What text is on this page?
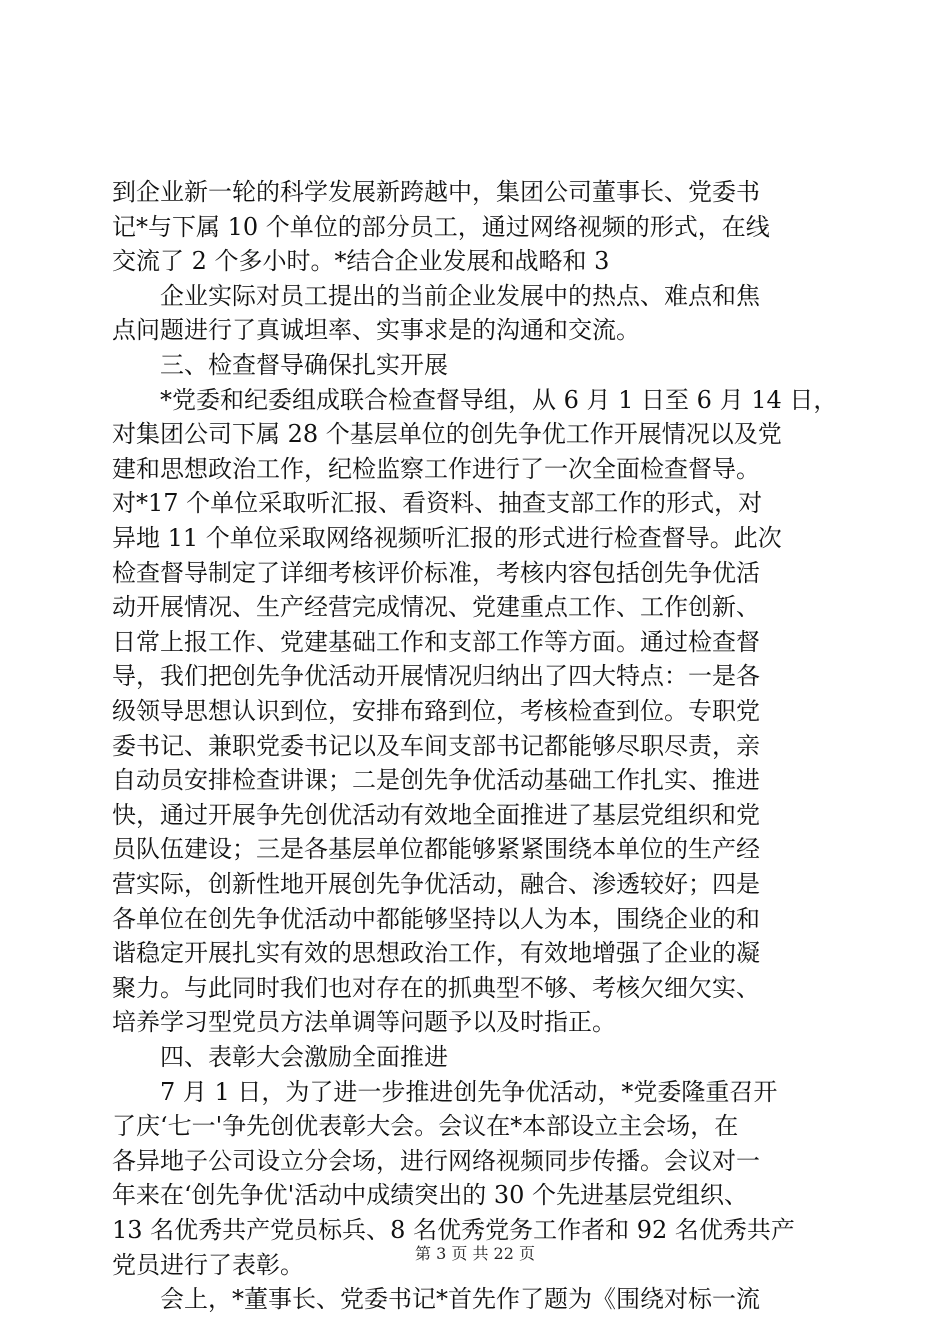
到企业新一轮的科学发展新跨越中，集团公司董事长、党委书
记*与下属 10 个单位的部分员工，通过网络视频的形式，在线
交流了 2 个多小时。*结合企业发展和战略和 3
　　企业实际对员工提出的当前企业发展中的热点、难点和焦
点问题进行了真诚坦率、实事求是的沟通和交流。
　　三、检查督导确保扎实开展
　　*党委和纪委组成联合检查督导组，从 6 月 1 日至 6 月 14 日，
对集团公司下属 28 个基层单位的创先争优工作开展情况以及党
建和思想政治工作，纪检监察工作进行了一次全面检查督导。
对*17 个单位采取听汇报、看资料、抽查支部工作的形式，对
异地 11 个单位采取网络视频听汇报的形式进行检查督导。此次
检查督导制定了详细考核评价标准，考核内容包括创先争优活
动开展情况、生产经营完成情况、党建重点工作、工作创新、
日常上报工作、党建基础工作和支部工作等方面。通过检查督
导，我们把创先争优活动开展情况归纳出了四大特点：一是各
级领导思想认识到位，安排布臵到位，考核检查到位。专职党
委书记、兼职党委书记以及车间支部书记都能够尽职尽责，亲
自动员安排检查讲课；二是创先争优活动基础工作扎实、推进
快，通过开展争先创优活动有效地全面推进了基层党组织和党
员队伍建设；三是各基层单位都能够紧紧围绕本单位的生产经
营实际，创新性地开展创先争优活动，融合、渗透较好；四是
各单位在创先争优活动中都能够坚持以人为本，围绕企业的和
谐稳定开展扎实有效的思想政治工作，有效地增强了企业的凝
聚力。与此同时我们也对存在的抓典型不够、考核欠细欠实、
培养学习型党员方法单调等问题予以及时指正。
　　四、表彰大会激励全面推进
　　7 月 1 日，为了进一步推进创先争优活动，*党委隆重召开
了庆‘七一'争先创优表彰大会。会议在*本部设立主会场，在
各异地子公司设立分会场，进行网络视频同步传播。会议对一
年来在‘创先争优'活动中成绩突出的 30 个先进基层党组织、
13 名优秀共产党员标兵、8 名优秀党务工作者和 92 名优秀共产
党员进行了表彰。
　　会上，*董事长、党委书记*首先作了题为《围绕对标一流
第 3 页 共 22 页
